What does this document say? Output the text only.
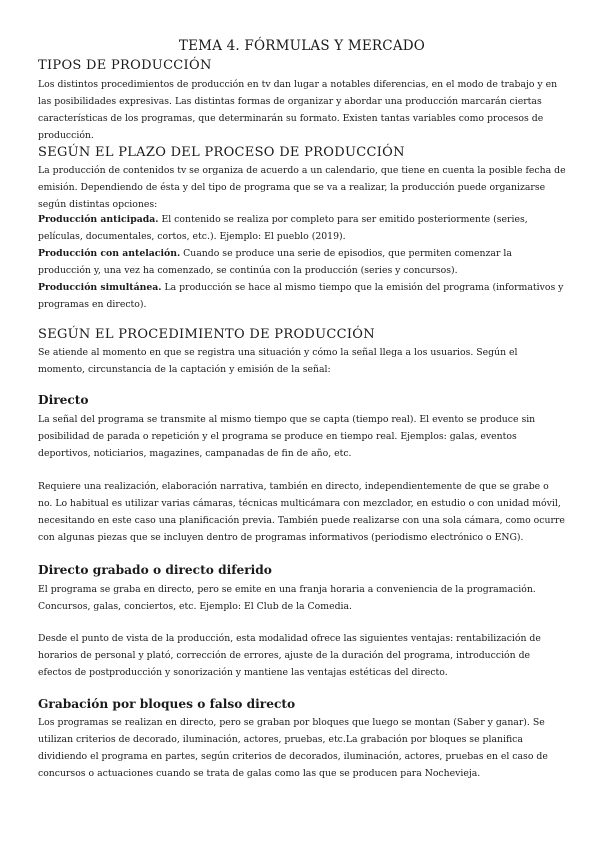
TEMA 4. FÓRMULAS Y MERCADO
TIPOS DE PRODUCCIÓN
Los distintos procedimientos de producción en tv dan lugar a notables diferencias, en el modo de trabajo y en las posibilidades expresivas. Las distintas formas de organizar y abordar una producción marcarán ciertas características de los programas, que determinarán su formato. Existen tantas variables como procesos de producción.
SEGÚN EL PLAZO DEL PROCESO DE PRODUCCIÓN
La producción de contenidos tv se organiza de acuerdo a un calendario, que tiene en cuenta la posible fecha de emisión. Dependiendo de ésta y del tipo de programa que se va a realizar, la producción puede organizarse según distintas opciones:
Producción anticipada. El contenido se realiza por completo para ser emitido posteriormente (series, películas, documentales, cortos, etc.). Ejemplo: El pueblo (2019).
Producción con antelación. Cuando se produce una serie de episodios, que permiten comenzar la producción y, una vez ha comenzado, se continúa con la producción (series y concursos).
Producción simultánea. La producción se hace al mismo tiempo que la emisión del programa (informativos y programas en directo).
SEGÚN EL PROCEDIMIENTO DE PRODUCCIÓN
Se atiende al momento en que se registra una situación y cómo la señal llega a los usuarios. Según el momento, circunstancia de la captación y emisión de la señal:
Directo
La señal del programa se transmite al mismo tiempo que se capta (tiempo real). El evento se produce sin posibilidad de parada o repetición y el programa se produce en tiempo real. Ejemplos: galas, eventos deportivos, noticiarios, magazines, campanadas de fin de año, etc.
Requiere una realización, elaboración narrativa, también en directo, independientemente de que se grabe o no. Lo habitual es utilizar varias cámaras, técnicas multicámara con mezclador, en estudio o con unidad móvil, necesitando en este caso una planificación previa. También puede realizarse con una sola cámara, como ocurre con algunas piezas que se incluyen dentro de programas informativos (periodismo electrónico o ENG).
Directo grabado o directo diferido
El programa se graba en directo, pero se emite en una franja horaria a conveniencia de la programación. Concursos, galas, conciertos, etc. Ejemplo: El Club de la Comedia.
Desde el punto de vista de la producción, esta modalidad ofrece las siguientes ventajas: rentabilización de horarios de personal y plató, corrección de errores, ajuste de la duración del programa, introducción de efectos de postproducción y sonorización y mantiene las ventajas estéticas del directo.
Grabación por bloques o falso directo
Los programas se realizan en directo, pero se graban por bloques que luego se montan (Saber y ganar). Se utilizan criterios de decorado, iluminación, actores, pruebas, etc.La grabación por bloques se planifica dividiendo el programa en partes, según criterios de decorados, iluminación, actores, pruebas en el caso de concursos o actuaciones cuando se trata de galas como las que se producen para Nochevieja.
